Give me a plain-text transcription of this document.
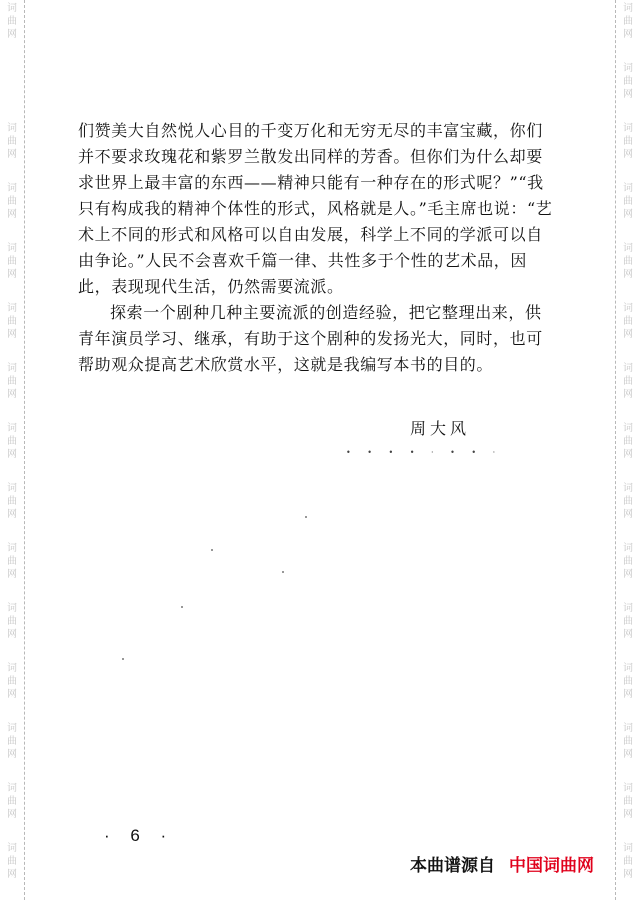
词
曲
网
词
曲
网
词
曲
网
词
曲
网
词
曲
网
词
曲
网
词
曲
网
词
曲
网
词
曲
网
词
曲
网
词
曲
网
词
曲
网
词
曲
网
词
曲
网
词
曲
网
词
曲
网
词
曲
网
词
曲
网
词
曲
网
词
曲
网
词
曲
网
词
曲
网
词
曲
网
词
曲
网
词
曲
网
词
曲
网
词
曲
网
词
曲
网
词
曲
网

们赞美大自然悦人心目的千变万化和无穷无尽的丰富宝藏，你们并不要求玫瑰花和紫罗兰散发出同样的芳香。但你们为什么却要求世界上最丰富的东西——精神只能有一种存在的形式呢？”“我只有构成我的精神个体性的形式，风格就是人。”毛主席也说：“艺术上不同的形式和风格可以自由发展，科学上不同的学派可以自由争论。”人民不会喜欢千篇一律、共性多于个性的艺术品，因此，表现现代生活，仍然需要流派。

探索一个剧种几种主要流派的创造经验，把它整理出来，供青年演员学习、继承，有助于这个剧种的发扬光大，同时，也可帮助观众提高艺术欣赏水平，这就是我编写本书的目的。

周大风
• • • • · • • ·
· 6 ·
本曲谱源自 中国词曲网
